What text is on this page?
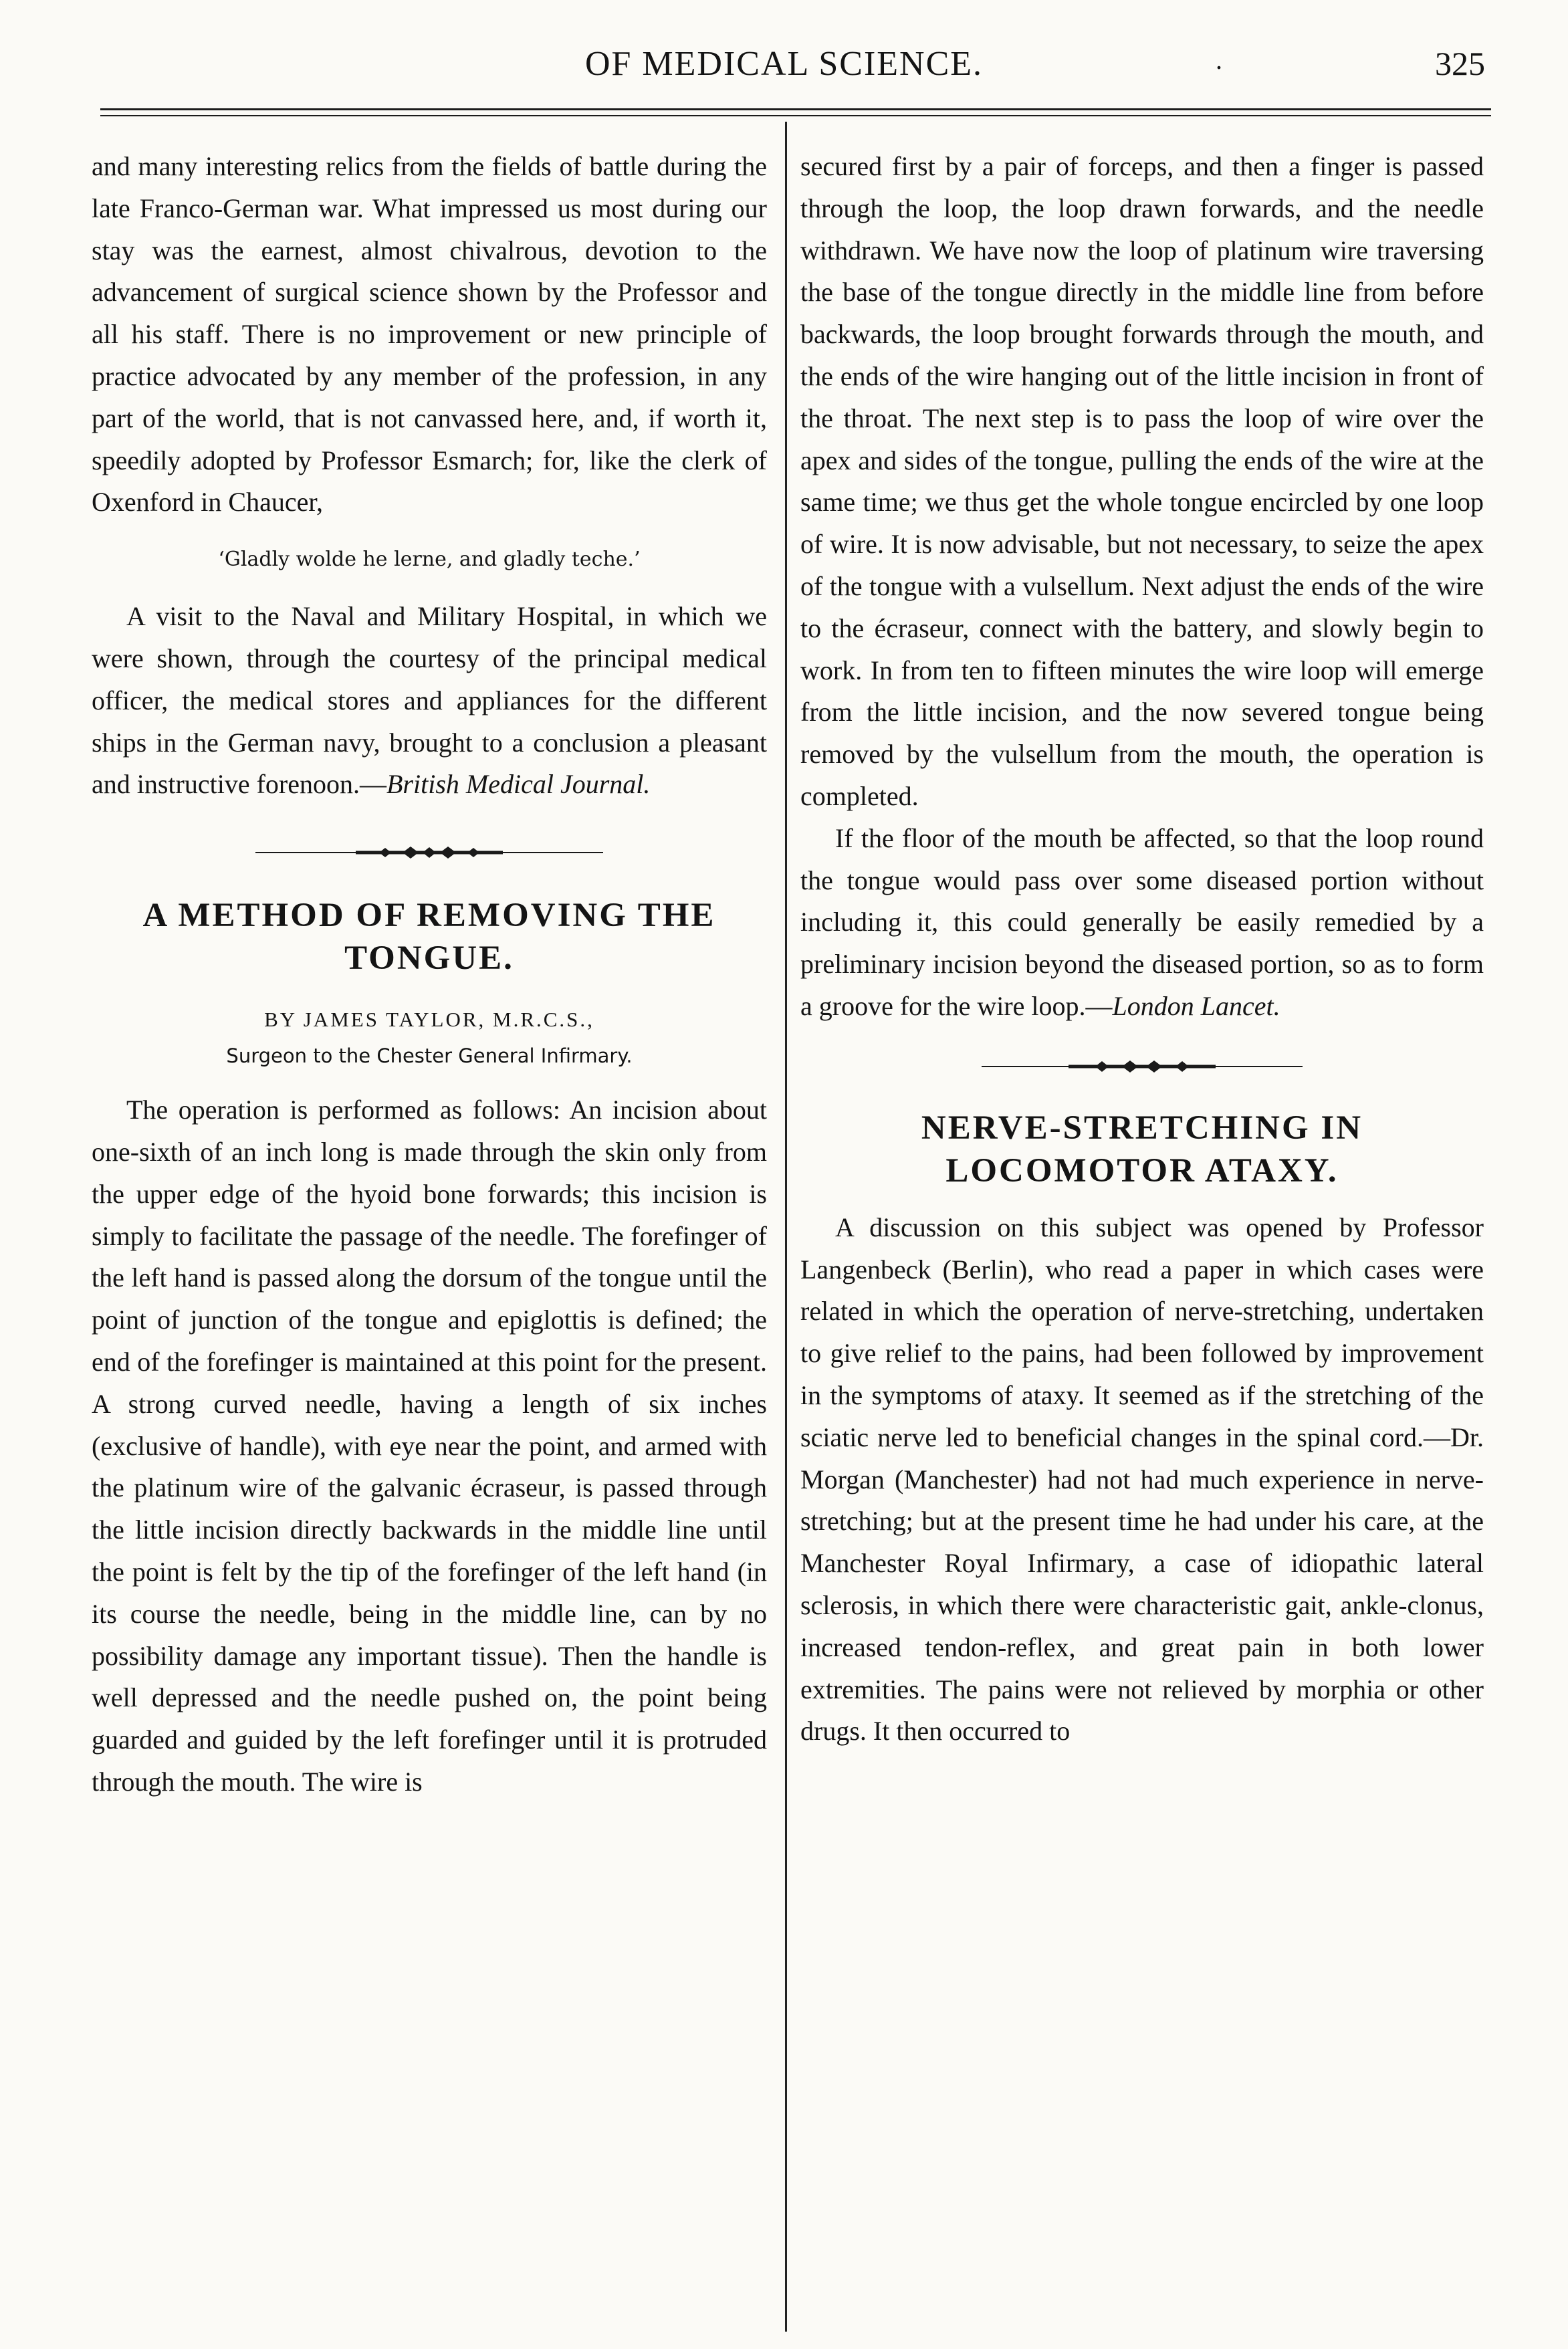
OF MEDICAL SCIENCE.	.	325

and many interesting relics from the fields of battle during the late Franco-German war. What impressed us most during our stay was the earnest, almost chivalrous, devotion to the advancement of surgical science shown by the Professor and all his staff. There is no improvement or new principle of practice advocated by any member of the profession, in any part of the world, that is not canvassed here, and, if worth it, speedily adopted by Professor Esmarch; for, like the clerk of Oxenford in Chaucer,

‘Gladly wolde he lerne, and gladly teche.’

A visit to the Naval and Military Hospital, in which we were shown, through the courtesy of the principal medical officer, the medical stores and appliances for the different ships in the German navy, brought to a conclusion a pleasant and instructive forenoon.—British Medical Journal.

A METHOD OF REMOVING THE TONGUE.
BY JAMES TAYLOR, M.R.C.S.,
Surgeon to the Chester General Infirmary.

The operation is performed as follows: An incision about one-sixth of an inch long is made through the skin only from the upper edge of the hyoid bone forwards; this incision is simply to facilitate the passage of the needle. The forefinger of the left hand is passed along the dorsum of the tongue until the point of junction of the tongue and epiglottis is defined; the end of the forefinger is maintained at this point for the present. A strong curved needle, having a length of six inches (exclusive of handle), with eye near the point, and armed with the platinum wire of the galvanic écraseur, is passed through the little incision directly backwards in the middle line until the point is felt by the tip of the forefinger of the left hand (in its course the needle, being in the middle line, can by no possibility damage any important tissue). Then the handle is well depressed and the needle pushed on, the point being guarded and guided by the left forefinger until it is protruded through the mouth. The wire is

secured first by a pair of forceps, and then a finger is passed through the loop, the loop drawn forwards, and the needle withdrawn. We have now the loop of platinum wire traversing the base of the tongue directly in the middle line from before backwards, the loop brought forwards through the mouth, and the ends of the wire hanging out of the little incision in front of the throat. The next step is to pass the loop of wire over the apex and sides of the tongue, pulling the ends of the wire at the same time; we thus get the whole tongue encircled by one loop of wire. It is now advisable, but not necessary, to seize the apex of the tongue with a vulsellum. Next adjust the ends of the wire to the écraseur, connect with the battery, and slowly begin to work. In from ten to fifteen minutes the wire loop will emerge from the little incision, and the now severed tongue being removed by the vulsellum from the mouth, the operation is completed.

If the floor of the mouth be affected, so that the loop round the tongue would pass over some diseased portion without including it, this could generally be easily remedied by a preliminary incision beyond the diseased portion, so as to form a groove for the wire loop.—London Lancet.

NERVE-STRETCHING IN LOCOMOTOR ATAXY.

A discussion on this subject was opened by Professor Langenbeck (Berlin), who read a paper in which cases were related in which the operation of nerve-stretching, undertaken to give relief to the pains, had been followed by improvement in the symptoms of ataxy. It seemed as if the stretching of the sciatic nerve led to beneficial changes in the spinal cord.—Dr. Morgan (Manchester) had not had much experience in nerve-stretching; but at the present time he had under his care, at the Manchester Royal Infirmary, a case of idiopathic lateral sclerosis, in which there were characteristic gait, ankle-clonus, increased tendon-reflex, and great pain in both lower extremities. The pains were not relieved by morphia or other drugs. It then occurred to
